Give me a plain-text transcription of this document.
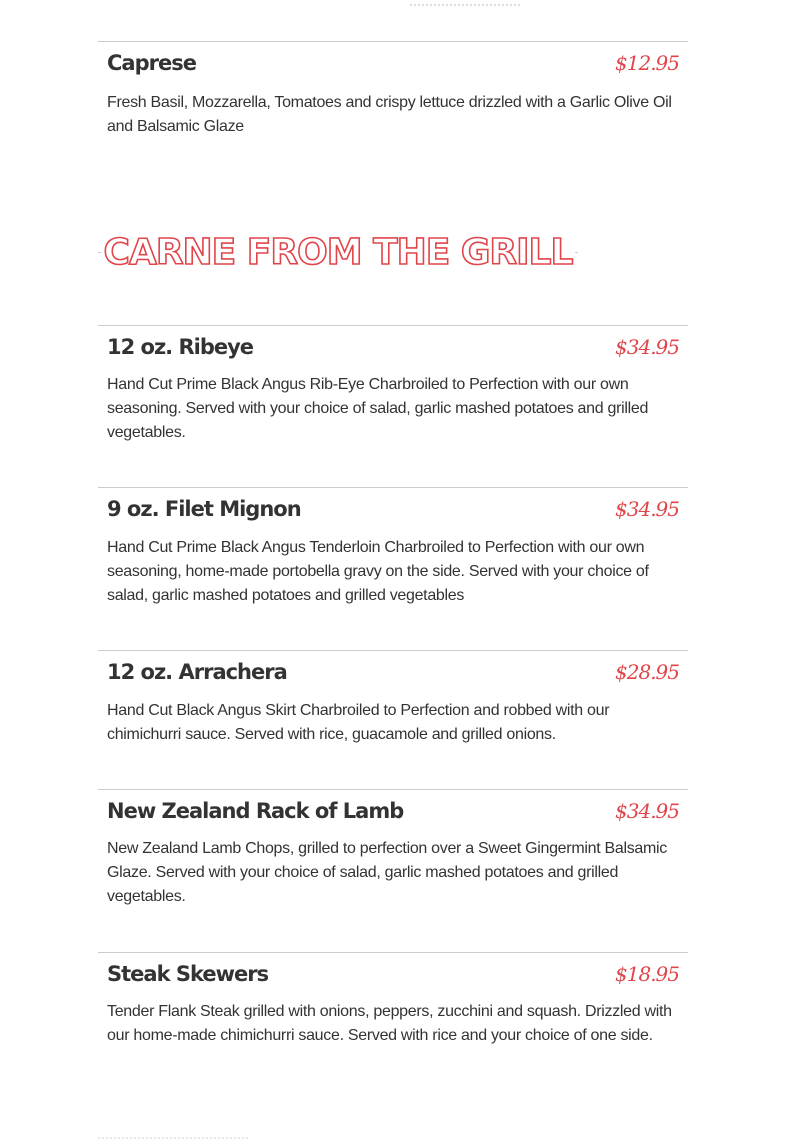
Caprese	$12.95

Fresh Basil, Mozzarella, Tomatoes and crispy lettuce drizzled with a Garlic Olive Oil and Balsamic Glaze

CARNE FROM THE GRILL
12 oz. Ribeye	$34.95

Hand Cut Prime Black Angus Rib-Eye Charbroiled to Perfection with our own seasoning. Served with your choice of salad, garlic mashed potatoes and grilled vegetables.

9 oz. Filet Mignon	$34.95

Hand Cut Prime Black Angus Tenderloin Charbroiled to Perfection with our own seasoning, home-made portobella gravy on the side. Served with your choice of salad, garlic mashed potatoes and grilled vegetables

12 oz. Arrachera	$28.95

Hand Cut Black Angus Skirt Charbroiled to Perfection and robbed with our chimichurri sauce. Served with rice, guacamole and grilled onions.

New Zealand Rack of Lamb	$34.95

New Zealand Lamb Chops, grilled to perfection over a Sweet Gingermint Balsamic Glaze. Served with your choice of salad, garlic mashed potatoes and grilled vegetables.

Steak Skewers	$18.95

Tender Flank Steak grilled with onions, peppers, zucchini and squash. Drizzled with our home-made chimichurri sauce. Served with rice and your choice of one side.
